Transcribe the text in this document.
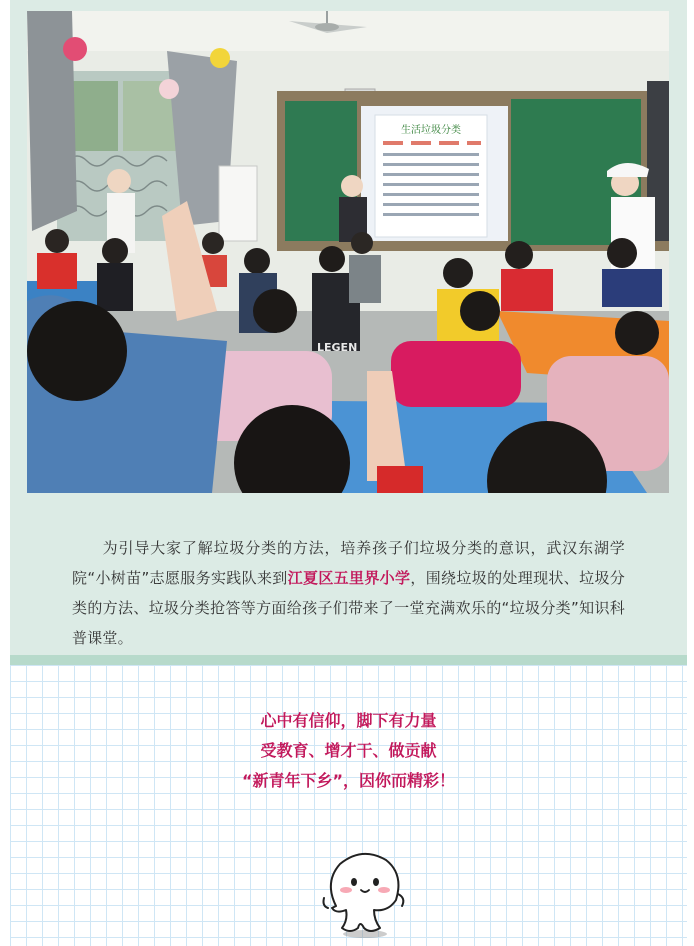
生活垃圾分类
LEGEN
为引导大家了解垃圾分类的方法，培养孩子们垃圾分类的意识，武汉东湖学院“小树苗”志愿服务实践队来到江夏区五里界小学，围绕垃圾的处理现状、垃圾分类的方法、垃圾分类抢答等方面给孩子们带来了一堂充满欢乐的“垃圾分类”知识科普课堂。
心中有信仰，脚下有力量
受教育、增才干、做贡献
“新青年下乡”，因你而精彩！
